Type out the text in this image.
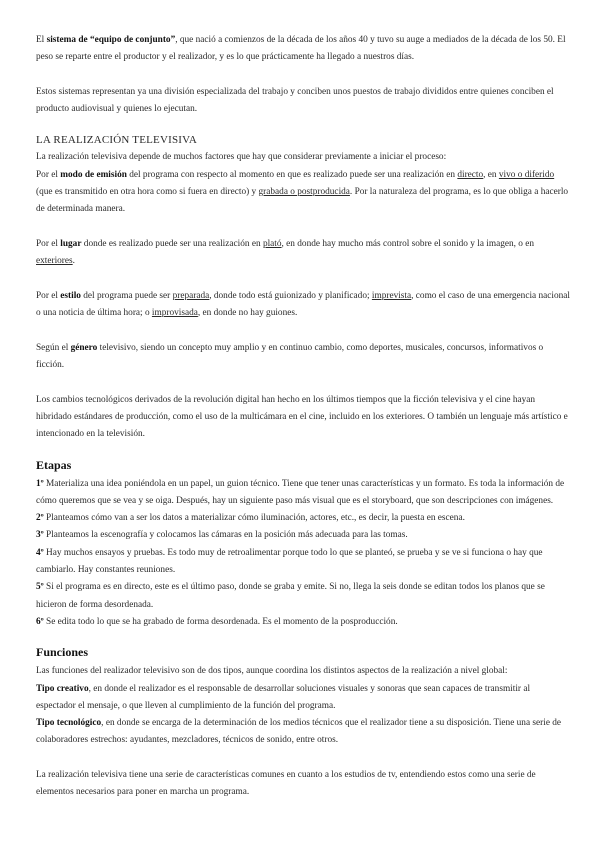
El sistema de “equipo de conjunto”, que nació a comienzos de la década de los años 40 y tuvo su auge a mediados de la década de los 50. El peso se reparte entre el productor y el realizador, y es lo que prácticamente ha llegado a nuestros días.

Estos sistemas representan ya una división especializada del trabajo y conciben unos puestos de trabajo divididos entre quienes conciben el producto audiovisual y quienes lo ejecutan.

LA REALIZACIÓN TELEVISIVA

La realización televisiva depende de muchos factores que hay que considerar previamente a iniciar el proceso:

Por el modo de emisión del programa con respecto al momento en que es realizado puede ser una realización en directo, en vivo o diferido (que es transmitido en otra hora como si fuera en directo) y grabada o postproducida. Por la naturaleza del programa, es lo que obliga a hacerlo de determinada manera.

Por el lugar donde es realizado puede ser una realización en plató, en donde hay mucho más control sobre el sonido y la imagen, o en exteriores.

Por el estilo del programa puede ser preparada, donde todo está guionizado y planificado; imprevista, como el caso de una emergencia nacional o una noticia de última hora; o improvisada, en donde no hay guiones.

Según el género televisivo, siendo un concepto muy amplio y en continuo cambio, como deportes, musicales, concursos, informativos o ficción.

Los cambios tecnológicos derivados de la revolución digital han hecho en los últimos tiempos que la ficción televisiva y el cine hayan hibridado estándares de producción, como el uso de la multicámara en el cine, incluido en los exteriores. O también un lenguaje más artístico e intencionado en la televisión.

Etapas

1º Materializa una idea poniéndola en un papel, un guion técnico. Tiene que tener unas características y un formato. Es toda la información de cómo queremos que se vea y se oiga. Después, hay un siguiente paso más visual que es el storyboard, que son descripciones con imágenes.

2º Planteamos cómo van a ser los datos a materializar cómo iluminación, actores, etc., es decir, la puesta en escena.

3º Planteamos la escenografía y colocamos las cámaras en la posición más adecuada para las tomas.

4º Hay muchos ensayos y pruebas. Es todo muy de retroalimentar porque todo lo que se planteó, se prueba y se ve si funciona o hay que cambiarlo. Hay constantes reuniones.

5º Si el programa es en directo, este es el último paso, donde se graba y emite. Si no, llega la seis donde se editan todos los planos que se hicieron de forma desordenada.

6º Se edita todo lo que se ha grabado de forma desordenada. Es el momento de la posproducción.

Funciones

Las funciones del realizador televisivo son de dos tipos, aunque coordina los distintos aspectos de la realización a nivel global:

Tipo creativo, en donde el realizador es el responsable de desarrollar soluciones visuales y sonoras que sean capaces de transmitir al espectador el mensaje, o que lleven al cumplimiento de la función del programa.

Tipo tecnológico, en donde se encarga de la determinación de los medios técnicos que el realizador tiene a su disposición. Tiene una serie de colaboradores estrechos: ayudantes, mezcladores, técnicos de sonido, entre otros.

La realización televisiva tiene una serie de características comunes en cuanto a los estudios de tv, entendiendo estos como una serie de elementos necesarios para poner en marcha un programa.
